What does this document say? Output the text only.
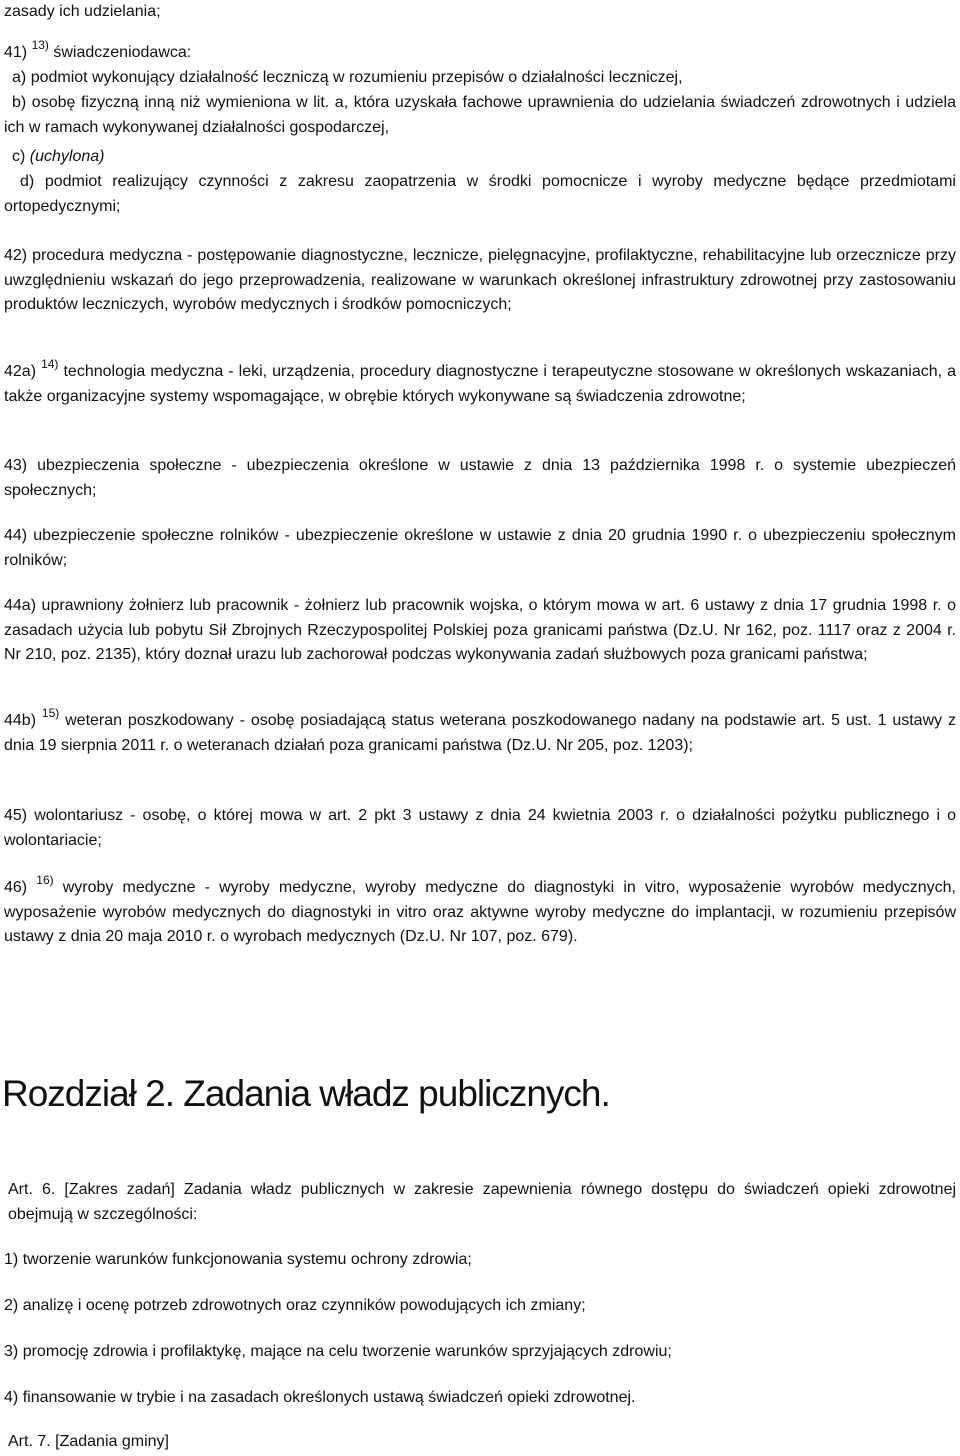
zasady ich udzielania;

41) $^{13)}$ świadczeniodawca:

a) podmiot wykonujący działalność leczniczą w rozumieniu przepisów o działalności leczniczej,

b) osobę fizyczną inną niż wymieniona w lit. a, która uzyskała fachowe uprawnienia do udzielania świadczeń zdrowotnych i udziela ich w ramach wykonywanej działalności gospodarczej,

c) (uchylona)

d) podmiot realizujący czynności z zakresu zaopatrzenia w środki pomocnicze i wyroby medyczne będące przedmiotami ortopedycznymi;

42) procedura medyczna - postępowanie diagnostyczne, lecznicze, pielęgnacyjne, profilaktyczne, rehabilitacyjne lub orzecznicze przy uwzględnieniu wskazań do jego przeprowadzenia, realizowane w warunkach określonej infrastruktury zdrowotnej przy zastosowaniu produktów leczniczych, wyrobów medycznych i środków pomocniczych;

42a) $^{14)}$ technologia medyczna - leki, urządzenia, procedury diagnostyczne i terapeutyczne stosowane w określonych wskazaniach, a także organizacyjne systemy wspomagające, w obrębie których wykonywane są świadczenia zdrowotne;

43) ubezpieczenia społeczne - ubezpieczenia określone w ustawie z dnia 13 października 1998 r. o systemie ubezpieczeń społecznych;

44) ubezpieczenie społeczne rolników - ubezpieczenie określone w ustawie z dnia 20 grudnia 1990 r. o ubezpieczeniu społecznym rolników;

44a) uprawniony żołnierz lub pracownik - żołnierz lub pracownik wojska, o którym mowa w art. 6 ustawy z dnia 17 grudnia 1998 r. o zasadach użycia lub pobytu Sił Zbrojnych Rzeczypospolitej Polskiej poza granicami państwa (Dz.U. Nr 162, poz. 1117 oraz z 2004 r. Nr 210, poz. 2135), który doznał urazu lub zachorował podczas wykonywania zadań służbowych poza granicami państwa;

44b) $^{15)}$ weteran poszkodowany - osobę posiadającą status weterana poszkodowanego nadany na podstawie art. 5 ust. 1 ustawy z dnia 19 sierpnia 2011 r. o weteranach działań poza granicami państwa (Dz.U. Nr 205, poz. 1203);

45) wolontariusz - osobę, o której mowa w art. 2 pkt 3 ustawy z dnia 24 kwietnia 2003 r. o działalności pożytku publicznego i o wolontariacie;

46) $^{16)}$ wyroby medyczne - wyroby medyczne, wyroby medyczne do diagnostyki in vitro, wyposażenie wyrobów medycznych, wyposażenie wyrobów medycznych do diagnostyki in vitro oraz aktywne wyroby medyczne do implantacji, w rozumieniu przepisów ustawy z dnia 20 maja 2010 r. o wyrobach medycznych (Dz.U. Nr 107, poz. 679).

Rozdział 2. Zadania władz publicznych.

Art. 6. [Zakres zadań] Zadania władz publicznych w zakresie zapewnienia równego dostępu do świadczeń opieki zdrowotnej obejmują w szczególności:

1) tworzenie warunków funkcjonowania systemu ochrony zdrowia;

2) analizę i ocenę potrzeb zdrowotnych oraz czynników powodujących ich zmiany;

3) promocję zdrowia i profilaktykę, mające na celu tworzenie warunków sprzyjających zdrowiu;

4) finansowanie w trybie i na zasadach określonych ustawą świadczeń opieki zdrowotnej.

Art. 7. [Zadania gminy]
